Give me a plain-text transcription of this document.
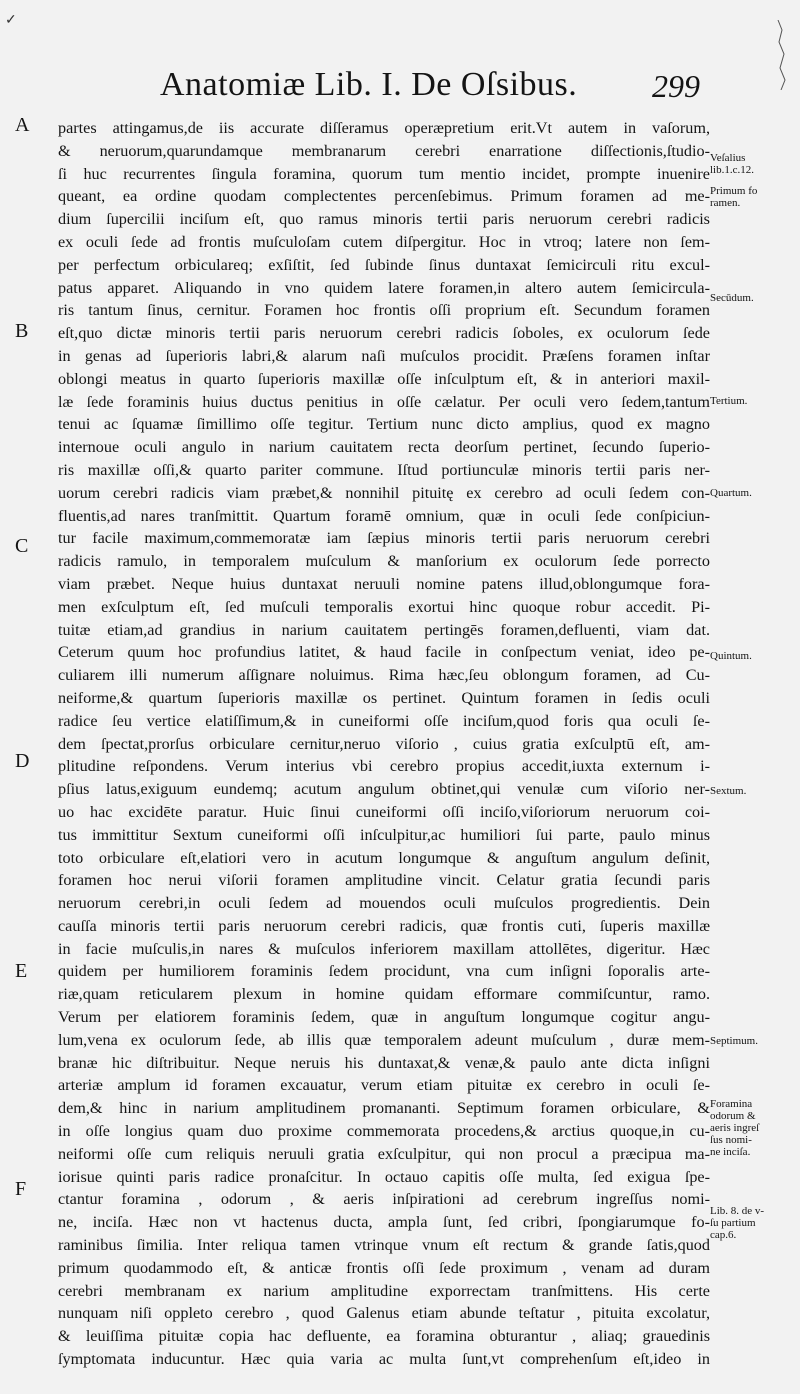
✓
Anatomiæ Lib. I. De Oſsibus. 299
A
B
C
D
E
F
partes attingamus,de iis accurate diſſeramus operæpretium erit.Vt autem in vaſorum,
& neruorum,quarundamque membranarum cerebri enarratione diſſectionis,ſtudio-
ſi huc recurrentes ſingula foramina, quorum tum mentio incidet, prompte inuenire
queant, ea ordine quodam complectentes percenſebimus. Primum foramen ad me-
dium ſupercilii inciſum eſt, quo ramus minoris tertii paris neruorum cerebri radicis
ex oculi ſede ad frontis muſculoſam cutem diſpergitur. Hoc in vtroq; latere non ſem-
per perfectum orbiculareq; exſiſtit, ſed ſubinde ſinus duntaxat ſemicirculi ritu excul-
patus apparet. Aliquando in vno quidem latere foramen,in altero autem ſemicircula-
ris tantum ſinus, cernitur. Foramen hoc frontis oſſi proprium eſt. Secundum foramen
eſt,quo dictæ minoris tertii paris neruorum cerebri radicis ſoboles, ex oculorum ſede
in genas ad ſuperioris labri,& alarum naſi muſculos procidit. Præſens foramen inſtar
oblongi meatus in quarto ſuperioris maxillæ oſſe inſculptum eſt, & in anteriori maxil-
læ ſede foraminis huius ductus penitius in oſſe cælatur. Per oculi vero ſedem,tantum
tenui ac ſquamæ ſimillimo oſſe tegitur. Tertium nunc dicto amplius, quod ex magno
internoue oculi angulo in narium cauitatem recta deorſum pertinet, ſecundo ſuperio-
ris maxillæ oſſi,& quarto pariter commune. Iſtud portiunculæ minoris tertii paris ner-
uorum cerebri radicis viam præbet,& nonnihil pituitę ex cerebro ad oculi ſedem con-
fluentis,ad nares tranſmittit. Quartum foramē omnium, quæ in oculi ſede conſpiciun-
tur facile maximum,commemoratæ iam ſæpius minoris tertii paris neruorum cerebri
radicis ramulo, in temporalem muſculum & manſorium ex oculorum ſede porrecto
viam præbet. Neque huius duntaxat neruuli nomine patens illud,oblongumque fora-
men exſculptum eſt, ſed muſculi temporalis exortui hinc quoque robur accedit. Pi-
tuitæ etiam,ad grandius in narium cauitatem pertingēs foramen,defluenti, viam dat.
Ceterum quum hoc profundius latitet, & haud facile in conſpectum veniat, ideo pe-
culiarem illi numerum aſſignare noluimus. Rima hæc,ſeu oblongum foramen, ad Cu-
neiforme,& quartum ſuperioris maxillæ os pertinet. Quintum foramen in ſedis oculi
radice ſeu vertice elatiſſimum,& in cuneiformi oſſe inciſum,quod foris qua oculi ſe-
dem ſpectat,prorſus orbiculare cernitur,neruo viſorio , cuius gratia exſculptū eſt, am-
plitudine reſpondens. Verum interius vbi cerebro propius accedit,iuxta externum i-
pſius latus,exiguum eundemq; acutum angulum obtinet,qui venulæ cum viſorio ner-
uo hac excidēte paratur. Huic ſinui cuneiformi oſſi inciſo,viſoriorum neruorum coi-
tus immittitur Sextum cuneiformi oſſi inſculpitur,ac humiliori ſui parte, paulo minus
toto orbiculare eſt,elatiori vero in acutum longumque & anguſtum angulum deſinit,
foramen hoc nerui viſorii foramen amplitudine vincit. Celatur gratia ſecundi paris
neruorum cerebri,in oculi ſedem ad mouendos oculi muſculos progredientis. Dein
cauſſa minoris tertii paris neruorum cerebri radicis, quæ frontis cuti, ſuperis maxillæ
in facie muſculis,in nares & muſculos inferiorem maxillam attollētes, digeritur. Hæc
quidem per humiliorem foraminis ſedem procidunt, vna cum inſigni ſoporalis arte-
riæ,quam reticularem plexum in homine quidam efformare commiſcuntur, ramo.
Verum per elatiorem foraminis ſedem, quæ in anguſtum longumque cogitur angu-
lum,vena ex oculorum ſede, ab illis quæ temporalem adeunt muſculum , duræ mem-
branæ hic diſtribuitur. Neque neruis his duntaxat,& venæ,& paulo ante dicta inſigni
arteriæ amplum id foramen excauatur, verum etiam pituitæ ex cerebro in oculi ſe-
dem,& hinc in narium amplitudinem promananti. Septimum foramen orbiculare, &
in oſſe longius quam duo proxime commemorata procedens,& arctius quoque,in cu-
neiformi oſſe cum reliquis neruuli gratia exſculpitur, qui non procul a præcipua ma-
iorisue quinti paris radice pronaſcitur. In octauo capitis oſſe multa, ſed exigua ſpe-
ctantur foramina , odorum , & aeris inſpirationi ad cerebrum ingreſſus nomi-
ne, inciſa. Hæc non vt hactenus ducta, ampla ſunt, ſed cribri, ſpongiarumque fo-
raminibus ſimilia. Inter reliqua tamen vtrinque vnum eſt rectum & grande ſatis,quod
primum quodammodo eſt, & anticæ frontis oſſi ſede proximum , venam ad duram
cerebri membranam ex narium amplitudine exporrectam tranſmittens. His certe
nunquam niſi oppleto cerebro , quod Galenus etiam abunde teſtatur , pituita excolatur,
& leuiſſima pituitæ copia hac defluente, ea foramina obturantur , aliaq; grauedinis
ſymptomata inducuntur. Hæc quia varia ac multa ſunt,vt comprehenſum eſt,ideo in
Veſalius
lib.1.c.12.
Primum fo
ramen.
Secūdum.
Tertium.
Quartum.
Quintum.
Sextum.
Septimum.
Foramina
odorum &
aeris ingreſ
ſus nomi-
ne inciſa.
Lib. 8. de v-
ſu partium
cap.6.
